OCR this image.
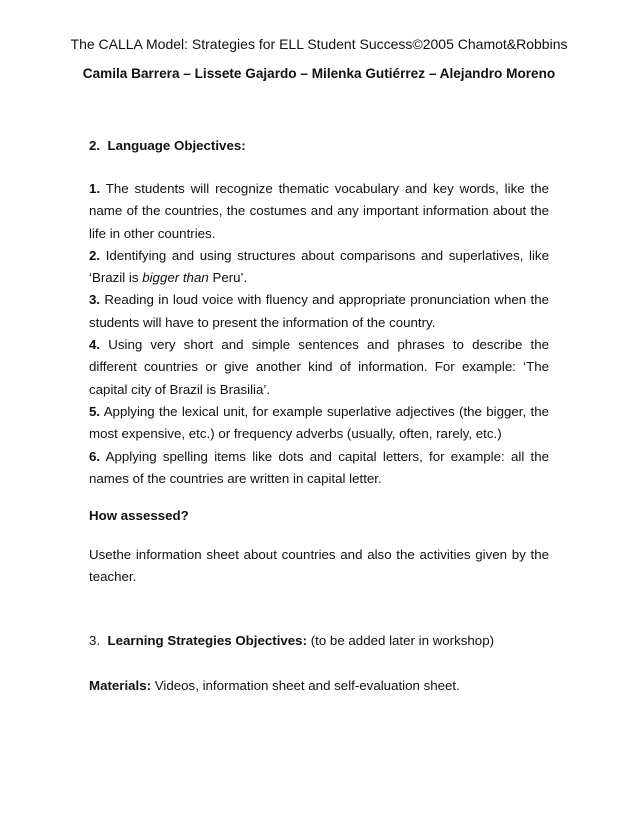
The CALLA Model: Strategies for ELL Student Success©2005 Chamot&Robbins
Camila Barrera – Lissete Gajardo – Milenka Gutiérrez – Alejandro Moreno
2. Language Objectives:

1. The students will recognize thematic vocabulary and key words, like the name of the countries, the costumes and any important information about the life in other countries.

2. Identifying and using structures about comparisons and superlatives, like ‘Brazil is bigger than Peru’.

3. Reading in loud voice with fluency and appropriate pronunciation when the students will have to present the information of the country.

4. Using very short and simple sentences and phrases to describe the different countries or give another kind of information. For example: ‘The capital city of Brazil is Brasilia’.

5. Applying the lexical unit, for example superlative adjectives (the bigger, the most expensive, etc.) or frequency adverbs (usually, often, rarely, etc.)

6. Applying spelling items like dots and capital letters, for example: all the names of the countries are written in capital letter.

How assessed?

Usethe information sheet about countries and also the activities given by the teacher.

3. Learning Strategies Objectives: (to be added later in workshop)
Materials: Videos, information sheet and self-evaluation sheet.
